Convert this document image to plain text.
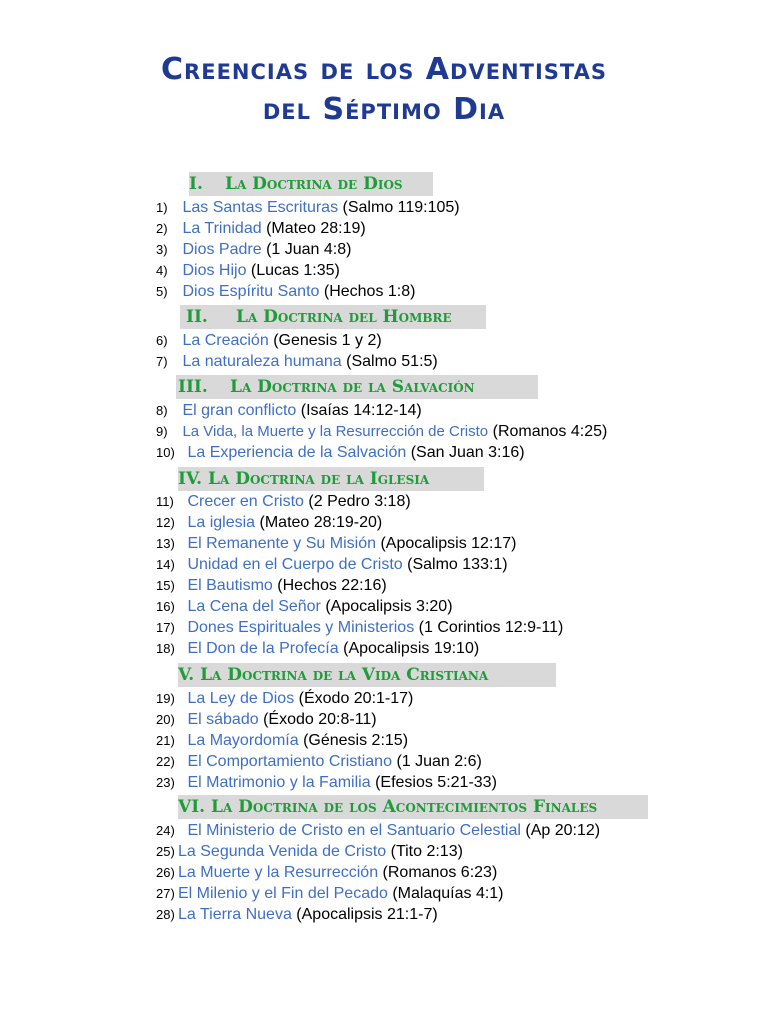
Creencias de los Adventistas
del Séptimo Dia
I. La Doctrina de Dios
1) Las Santas Escrituras (Salmo 119:105)
2) La Trinidad (Mateo 28:19)
3) Dios Padre (1 Juan 4:8)
4) Dios Hijo (Lucas 1:35)
5) Dios Espíritu Santo (Hechos 1:8)
II. La Doctrina del Hombre
6) La Creación (Genesis 1 y 2)
7) La naturaleza humana (Salmo 51:5)
III. La Doctrina de la Salvación
8) El gran conflicto (Isaías 14:12-14)
9) La Vida, la Muerte y la Resurrección de Cristo (Romanos 4:25)
10) La Experiencia de la Salvación (San Juan 3:16)
IV. La Doctrina de la Iglesia
11) Crecer en Cristo (2 Pedro 3:18)
12) La iglesia (Mateo 28:19-20)
13) El Remanente y Su Misión (Apocalipsis 12:17)
14) Unidad en el Cuerpo de Cristo (Salmo 133:1)
15) El Bautismo (Hechos 22:16)
16) La Cena del Señor (Apocalipsis 3:20)
17) Dones Espirituales y Ministerios (1 Corintios 12:9-11)
18) El Don de la Profecía (Apocalipsis 19:10)
V. La Doctrina de la Vida Cristiana
19) La Ley de Dios (Éxodo 20:1-17)
20) El sábado (Éxodo 20:8-11)
21) La Mayordomía (Génesis 2:15)
22) El Comportamiento Cristiano (1 Juan 2:6)
23) El Matrimonio y la Familia (Efesios 5:21-33)
VI. La Doctrina de los Acontecimientos Finales
24) El Ministerio de Cristo en el Santuario Celestial (Ap 20:12)
25) La Segunda Venida de Cristo (Tito 2:13)
26) La Muerte y la Resurrección (Romanos 6:23)
27) El Milenio y el Fin del Pecado (Malaquías 4:1)
28) La Tierra Nueva (Apocalipsis 21:1-7)
